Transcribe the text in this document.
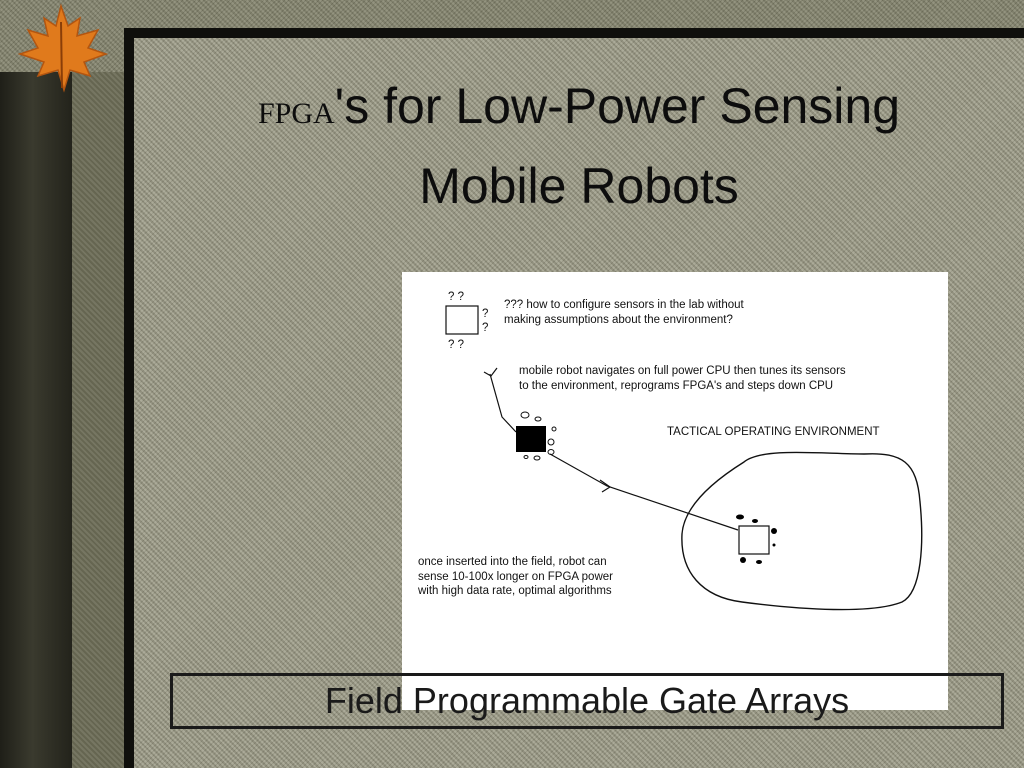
FPGA's for Low-Power Sensing
Mobile Robots
? ?
?
?
? ?
??? how to configure sensors in the lab without
making assumptions about the environment?
mobile robot navigates on full power CPU then tunes its sensors
to the environment, reprograms FPGA's and steps down CPU
TACTICAL OPERATING ENVIRONMENT
once inserted into the field, robot can
sense 10-100x longer on FPGA power
with high data rate, optimal algorithms
Field Programmable Gate Arrays
